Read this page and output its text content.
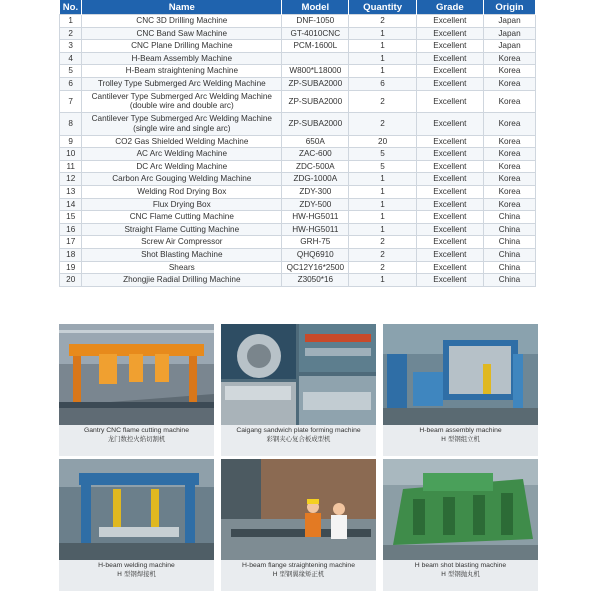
No.	Name	Model	Quantity	Grade	Origin
1	CNC 3D Drilling Machine	DNF-1050	2	Excellent	Japan
2	CNC Band Saw Machine	GT-4010CNC	1	Excellent	Japan
3	CNC Plane Drilling Machine	PCM-1600L	1	Excellent	Japan
4	H-Beam Assembly Machine		1	Excellent	Korea
5	H-Beam straightening Machine	W800*L18000	1	Excellent	Korea
6	Trolley Type Submerged Arc Welding Machine	ZP-SUBA2000	6	Excellent	Korea
7	Cantilever Type Submerged Arc Welding Machine
(double wire and double arc)	ZP-SUBA2000	2	Excellent	Korea
8	Cantilever Type Submerged Arc Welding Machine
(single wire and single arc)	ZP-SUBA2000	2	Excellent	Korea
9	CO2 Gas Shielded Welding Machine	650A	20	Excellent	Korea
10	AC Arc Welding Machine	ZAC-600	5	Excellent	Korea
11	DC Arc Welding Machine	ZDC-500A	5	Excellent	Korea
12	Carbon Arc Gouging Welding Machine	ZDG-1000A	1	Excellent	Korea
13	Welding Rod Drying Box	ZDY-300	1	Excellent	Korea
14	Flux Drying Box	ZDY-500	1	Excellent	Korea
15	CNC Flame Cutting Machine	HW-HG5011	1	Excellent	China
16	Straight Flame Cutting Machine	HW-HG5011	1	Excellent	China
17	Screw Air Compressor	GRH-75	2	Excellent	China
18	Shot Blasting Machine	QHQ6910	2	Excellent	China
19	Shears	QC12Y16*2500	2	Excellent	China
20	Zhongjie Radial Drilling Machine	Z3050*16	1	Excellent	China
Gantry CNC flame cutting machine
龙门数控火焰切割机
Caigang sandwich plate forming machine
彩钢夹心复合板成型机
H-beam assembly machine
H 型钢组立机
H-beam welding machine
H 型钢焊接机
H-beam flange straightening machine
H 型钢翼缘矫正机
H beam shot blasting machine
H 型钢抛丸机
